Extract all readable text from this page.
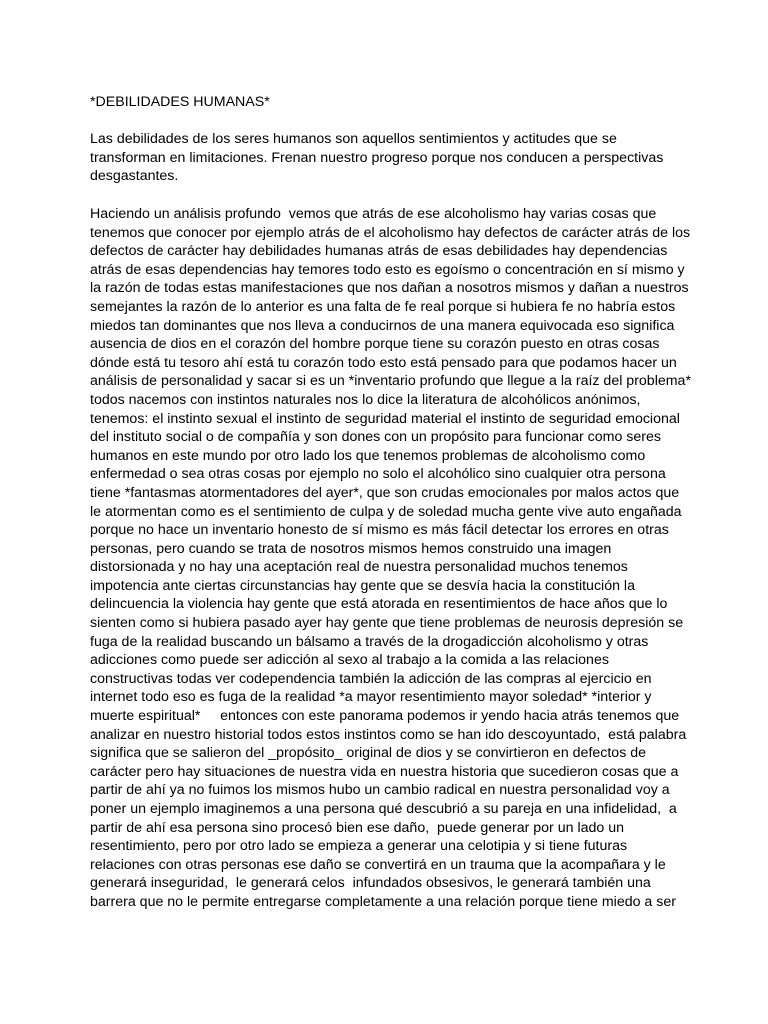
*DEBILIDADES HUMANAS*
Las debilidades de los seres humanos son aquellos sentimientos y actitudes que se
transforman en limitaciones. Frenan nuestro progreso porque nos conducen a perspectivas
desgastantes.
Haciendo un análisis profundo  vemos que atrás de ese alcoholismo hay varias cosas que
tenemos que conocer por ejemplo atrás de el alcoholismo hay defectos de carácter atrás de los
defectos de carácter hay debilidades humanas atrás de esas debilidades hay dependencias
atrás de esas dependencias hay temores todo esto es egoísmo o concentración en sí mismo y
la razón de todas estas manifestaciones que nos dañan a nosotros mismos y dañan a nuestros
semejantes la razón de lo anterior es una falta de fe real porque si hubiera fe no habría estos
miedos tan dominantes que nos lleva a conducirnos de una manera equivocada eso significa
ausencia de dios en el corazón del hombre porque tiene su corazón puesto en otras cosas
dónde está tu tesoro ahí está tu corazón todo esto está pensado para que podamos hacer un
análisis de personalidad y sacar si es un *inventario profundo que llegue a la raíz del problema*
todos nacemos con instintos naturales nos lo dice la literatura de alcohólicos anónimos,
tenemos: el instinto sexual el instinto de seguridad material el instinto de seguridad emocional
del instituto social o de compañía y son dones con un propósito para funcionar como seres
humanos en este mundo por otro lado los que tenemos problemas de alcoholismo como
enfermedad o sea otras cosas por ejemplo no solo el alcohólico sino cualquier otra persona
tiene *fantasmas atormentadores del ayer*, que son crudas emocionales por malos actos que
le atormentan como es el sentimiento de culpa y de soledad mucha gente vive auto engañada
porque no hace un inventario honesto de sí mismo es más fácil detectar los errores en otras
personas, pero cuando se trata de nosotros mismos hemos construido una imagen
distorsionada y no hay una aceptación real de nuestra personalidad muchos tenemos
impotencia ante ciertas circunstancias hay gente que se desvía hacia la constitución la
delincuencia la violencia hay gente que está atorada en resentimientos de hace años que lo
sienten como si hubiera pasado ayer hay gente que tiene problemas de neurosis depresión se
fuga de la realidad buscando un bálsamo a través de la drogadicción alcoholismo y otras
adicciones como puede ser adicción al sexo al trabajo a la comida a las relaciones
constructivas todas ver codependencia también la adicción de las compras al ejercicio en
internet todo eso es fuga de la realidad *a mayor resentimiento mayor soledad* *interior y
muerte espiritual*     entonces con este panorama podemos ir yendo hacia atrás tenemos que
analizar en nuestro historial todos estos instintos como se han ido descoyuntado,  está palabra
significa que se salieron del _propósito_ original de dios y se convirtieron en defectos de
carácter pero hay situaciones de nuestra vida en nuestra historia que sucedieron cosas que a
partir de ahí ya no fuimos los mismos hubo un cambio radical en nuestra personalidad voy a
poner un ejemplo imaginemos a una persona qué descubrió a su pareja en una infidelidad,  a
partir de ahí esa persona sino procesó bien ese daño,  puede generar por un lado un
resentimiento, pero por otro lado se empieza a generar una celotipia y si tiene futuras
relaciones con otras personas ese daño se convertirá en un trauma que la acompañara y le
generará inseguridad,  le generará celos  infundados obsesivos, le generará también una
barrera que no le permite entregarse completamente a una relación porque tiene miedo a ser
